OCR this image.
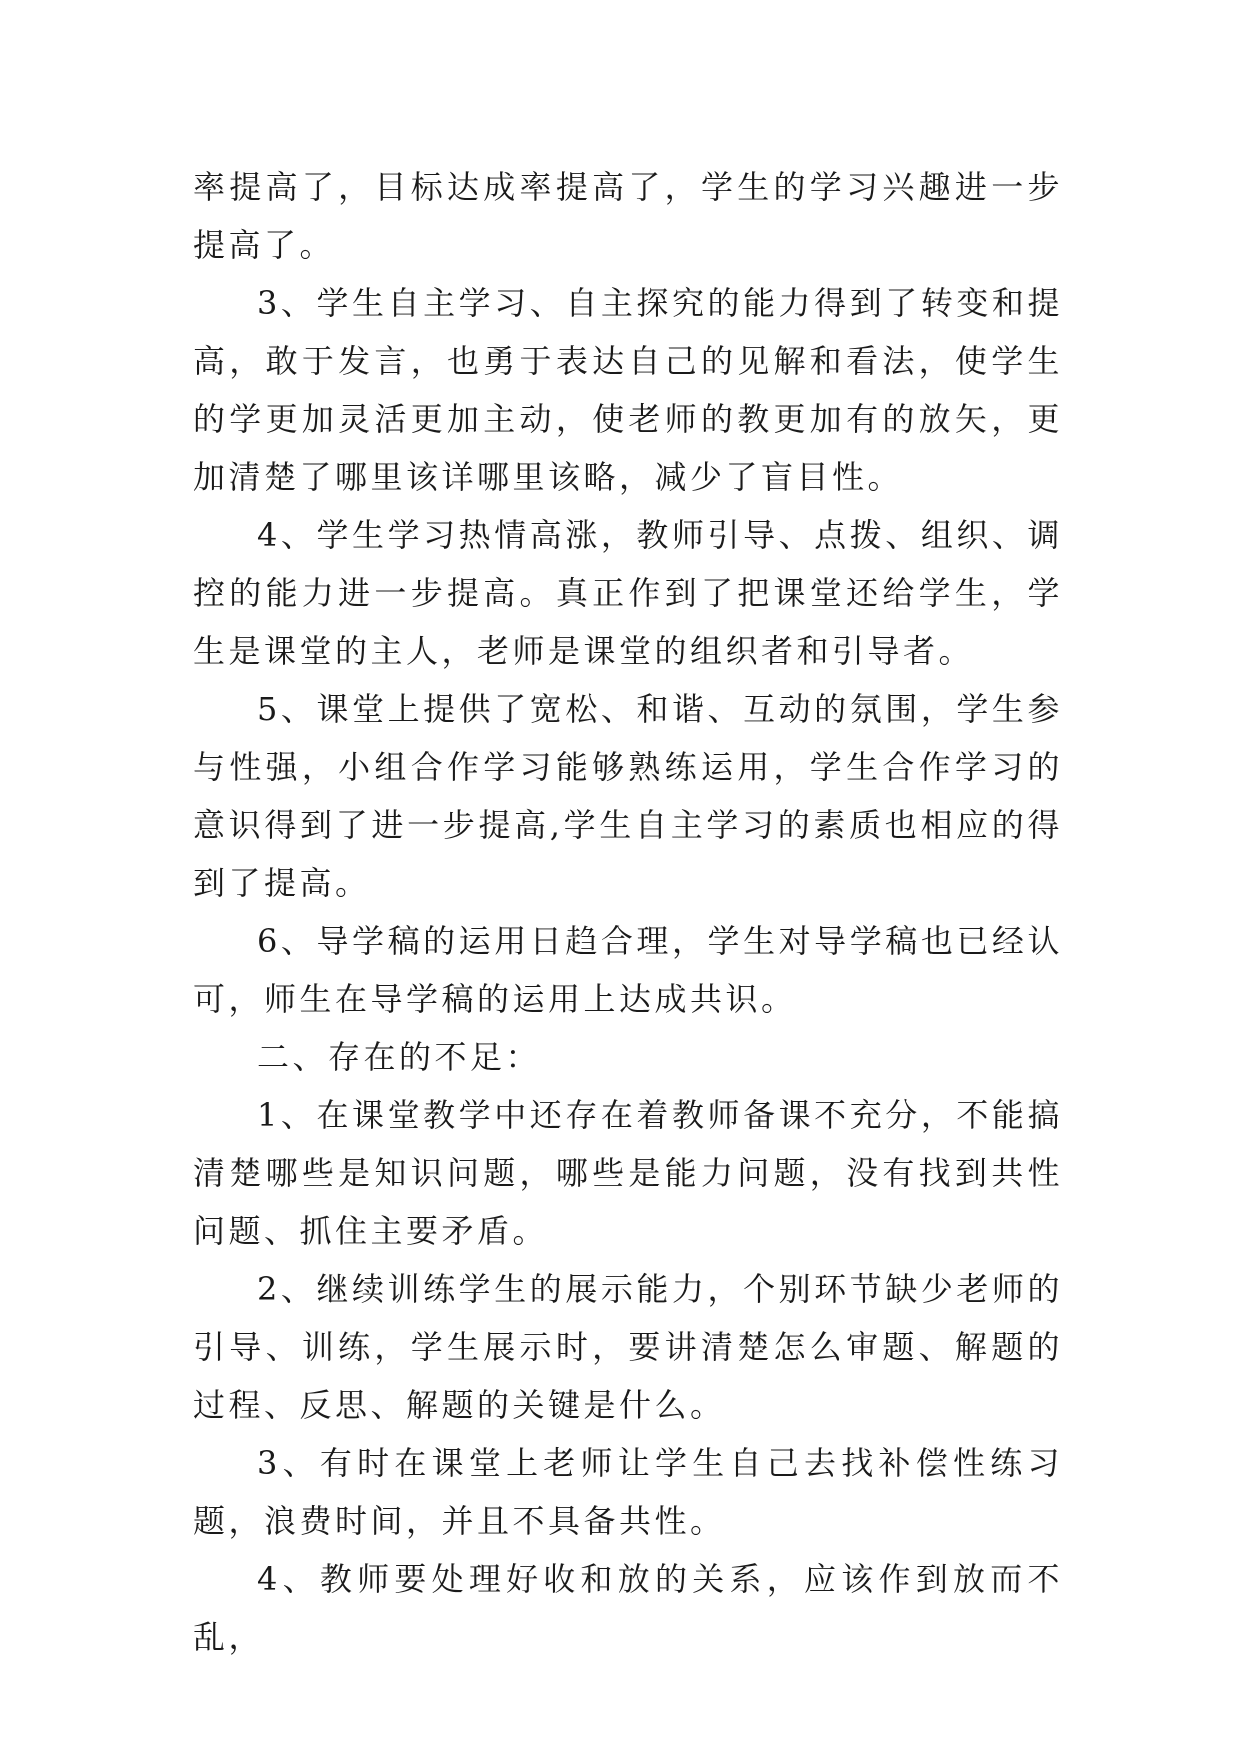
率提高了，目标达成率提高了，学生的学习兴趣进一步提高了。

3、学生自主学习、自主探究的能力得到了转变和提高，敢于发言，也勇于表达自己的见解和看法，使学生的学更加灵活更加主动，使老师的教更加有的放矢，更加清楚了哪里该详哪里该略，减少了盲目性。

4、学生学习热情高涨，教师引导、点拨、组织、调控的能力进一步提高。真正作到了把课堂还给学生，学生是课堂的主人，老师是课堂的组织者和引导者。

5、课堂上提供了宽松、和谐、互动的氛围，学生参与性强，小组合作学习能够熟练运用，学生合作学习的意识得到了进一步提高,学生自主学习的素质也相应的得到了提高。

6、导学稿的运用日趋合理，学生对导学稿也已经认可，师生在导学稿的运用上达成共识。

二、存在的不足：

1、在课堂教学中还存在着教师备课不充分，不能搞清楚哪些是知识问题，哪些是能力问题，没有找到共性问题、抓住主要矛盾。

2、继续训练学生的展示能力，个别环节缺少老师的引导、训练，学生展示时，要讲清楚怎么审题、解题的过程、反思、解题的关键是什么。

3、有时在课堂上老师让学生自己去找补偿性练习题，浪费时间，并且不具备共性。

4、教师要处理好收和放的关系，应该作到放而不乱，
